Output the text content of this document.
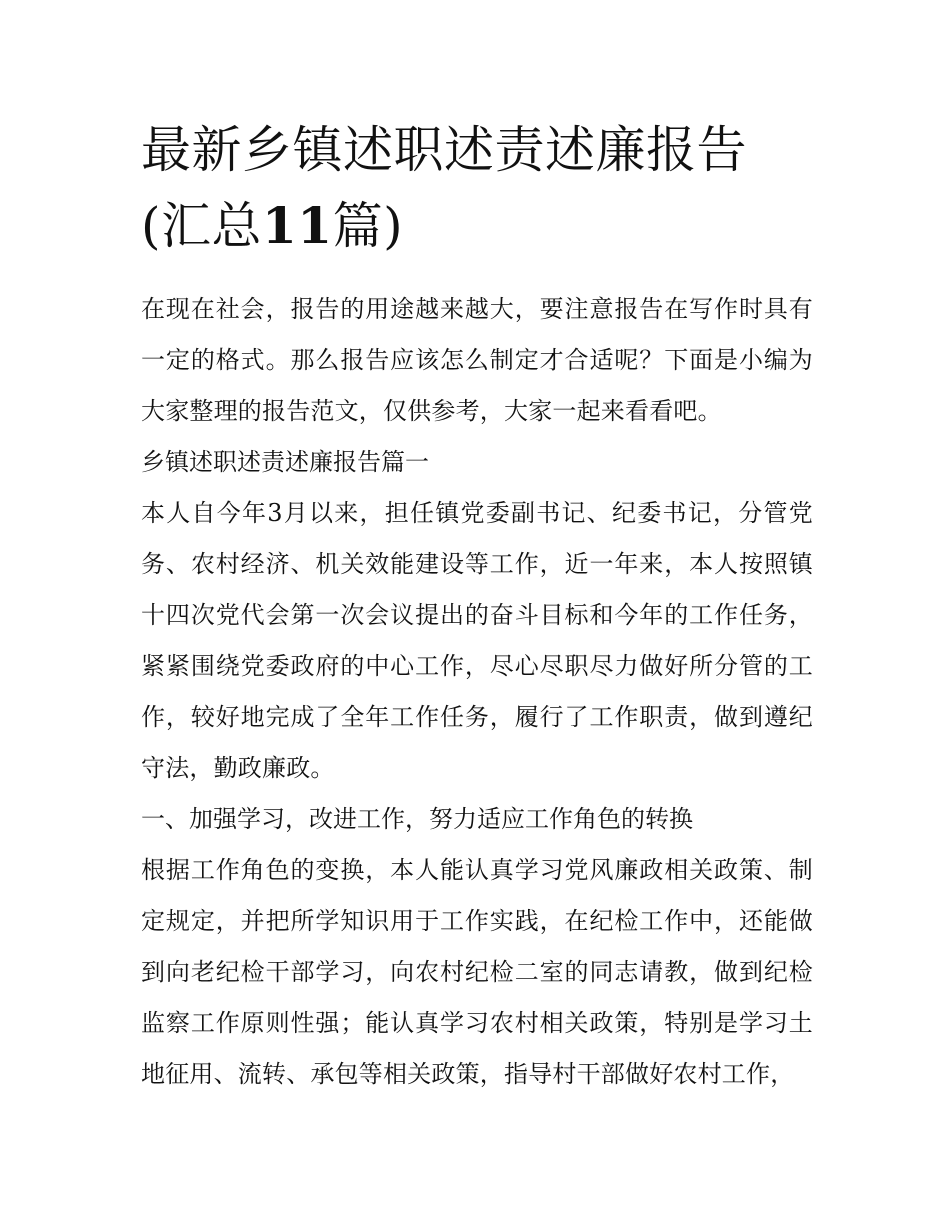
最新乡镇述职述责述廉报告(汇总11篇)

在现在社会，报告的用途越来越大，要注意报告在写作时具有一定的格式。那么报告应该怎么制定才合适呢？下面是小编为大家整理的报告范文，仅供参考，大家一起来看看吧。

乡镇述职述责述廉报告篇一

本人自今年3月以来，担任镇党委副书记、纪委书记，分管党务、农村经济、机关效能建设等工作，近一年来，本人按照镇十四次党代会第一次会议提出的奋斗目标和今年的工作任务，紧紧围绕党委政府的中心工作，尽心尽职尽力做好所分管的工作，较好地完成了全年工作任务，履行了工作职责，做到遵纪守法，勤政廉政。

一、加强学习，改进工作，努力适应工作角色的转换

根据工作角色的变换，本人能认真学习党风廉政相关政策、制定规定，并把所学知识用于工作实践，在纪检工作中，还能做到向老纪检干部学习，向农村纪检二室的同志请教，做到纪检监察工作原则性强；能认真学习农村相关政策，特别是学习土地征用、流转、承包等相关政策，指导村干部做好农村工作，
